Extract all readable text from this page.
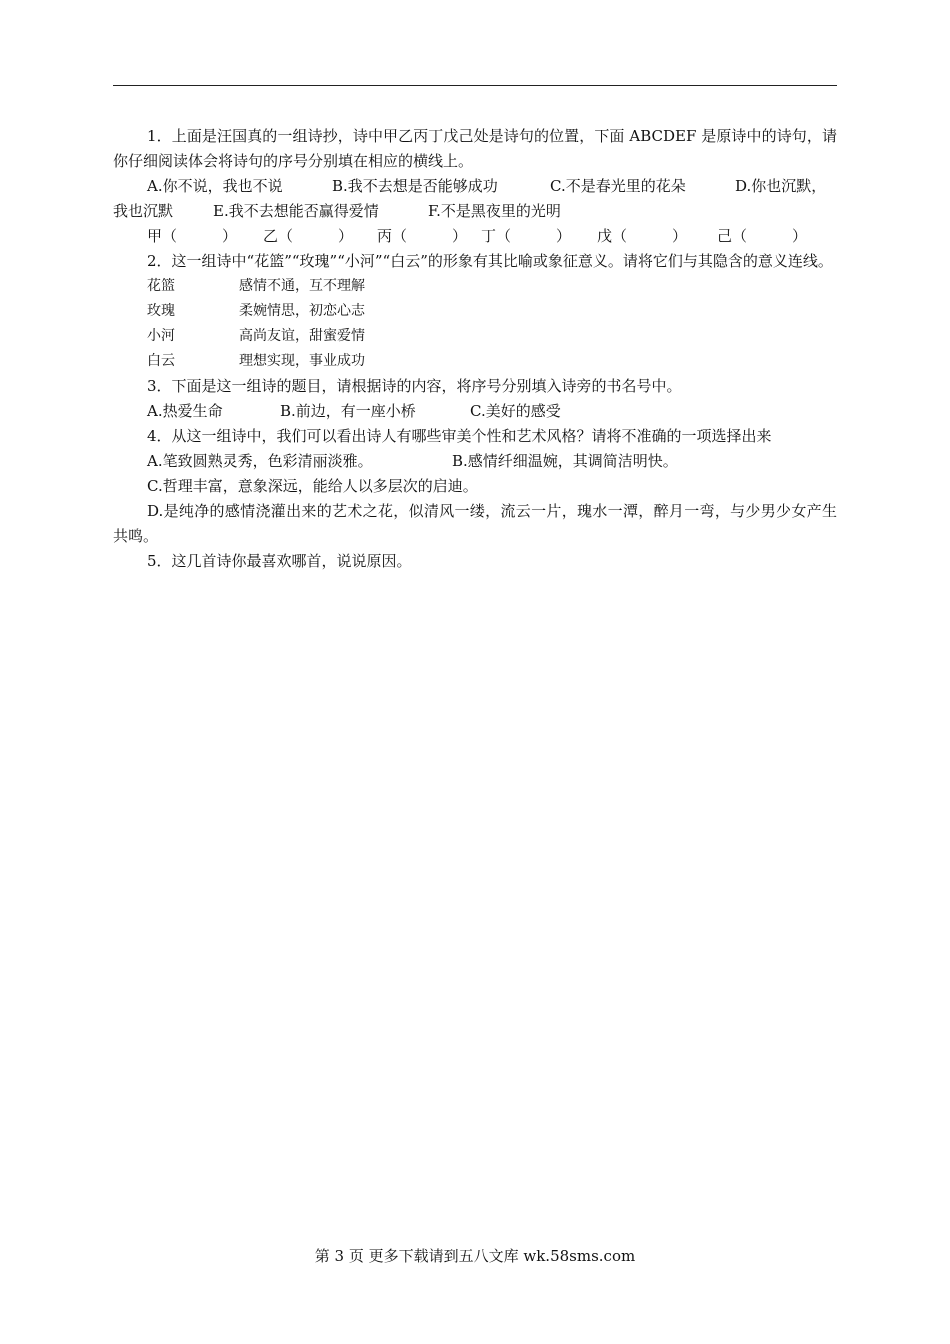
1．上面是汪国真的一组诗抄，诗中甲乙丙丁戊己处是诗句的位置，下面 ABCDEF 是原诗中的诗句，请你仔细阅读体会将诗句的序号分别填在相应的横线上。

A.你不说，我也不说	B.我不去想是否能够成功	C.不是春光里的花朵	D.你也沉默，

我也沉默	E.我不去想能否赢得爱情	F.不是黑夜里的光明

甲（　　　） 乙（　　　） 丙（　　　） 丁（　　　） 戊（　　　） 己（　　　）

2．这一组诗中“花篮”“玫瑰”“小河”“白云”的形象有其比喻或象征意义。请将它们与其隐含的意义连线。

花篮	感情不通，互不理解

玫瑰	柔婉情思，初恋心志

小河	高尚友谊，甜蜜爱情

白云	理想实现，事业成功

3．下面是这一组诗的题目，请根据诗的内容，将序号分别填入诗旁的书名号中。

A.热爱生命	B.前边，有一座小桥	C.美好的感受

4．从这一组诗中，我们可以看出诗人有哪些审美个性和艺术风格？请将不准确的一项选择出来

A.笔致圆熟灵秀，色彩清丽淡雅。	B.感情纤细温婉，其调简洁明快。

C.哲理丰富，意象深远，能给人以多层次的启迪。

D.是纯净的感情浇灌出来的艺术之花，似清风一缕，流云一片，瑰水一潭，醉月一弯，与少男少女产生共鸣。

5．这几首诗你最喜欢哪首，说说原因。

第 3 页 更多下载请到五八文库 wk.58sms.com
